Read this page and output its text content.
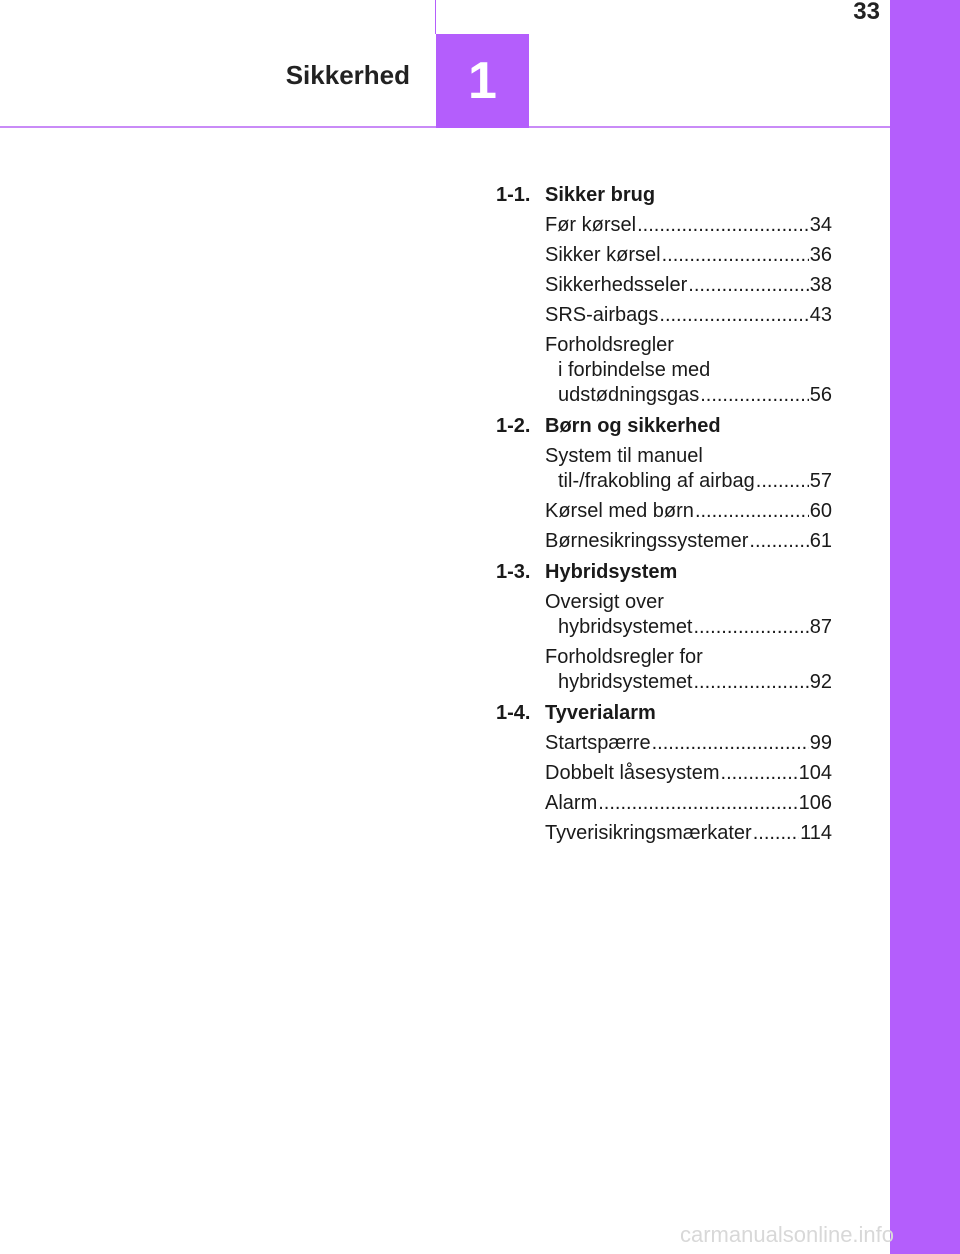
33
1
Sikkerhed
1-1. Sikker brug
Før kørsel .....	34
Sikker kørsel .....	36
Sikkerhedsseler .....	38
SRS-airbags .....	43
Forholdsregler
i forbindelse med
udstødningsgas .....	56
1-2. Børn og sikkerhed
System til manuel
til-/frakobling af airbag .....	57
Kørsel med børn .....	60
Børnesikringssystemer .....	61
1-3. Hybridsystem
Oversigt over
hybridsystemet .....	87
Forholdsregler for
hybridsystemet .....	92
1-4. Tyverialarm
Startspærre .....	99
Dobbelt låsesystem .....	104
Alarm .....	106
Tyverisikringsmærkater ..... 114
carmanualsonline.info
